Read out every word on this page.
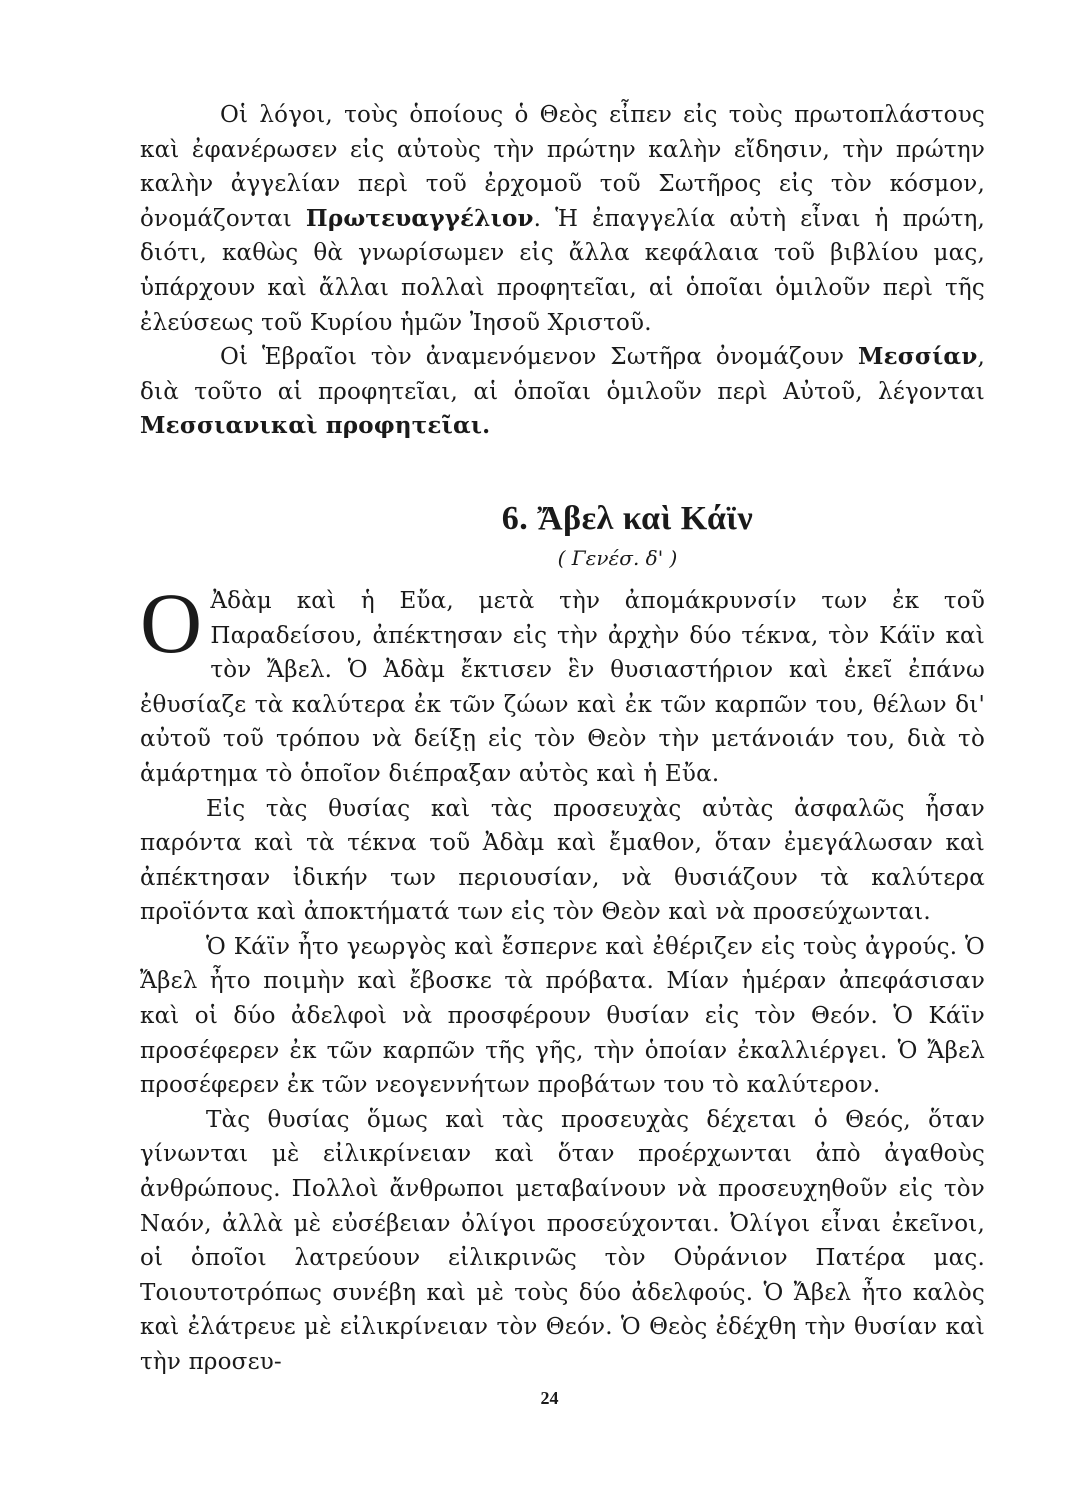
Οἱ λόγοι, τοὺς ὁποίους ὁ Θεὸς εἶπεν εἰς τοὺς πρωτοπλάστους καὶ ἐφανέρωσεν εἰς αὐτοὺς τὴν πρώτην καλὴν εἴδησιν, τὴν πρώτην καλὴν ἀγγελίαν περὶ τοῦ ἐρχομοῦ τοῦ Σωτῆρος εἰς τὸν κόσμον, ὀνομάζονται Πρωτευαγγέλιον. Ἡ ἐπαγγελία αὐτὴ εἶναι ἡ πρώτη, διότι, καθὼς θὰ γνωρίσωμεν εἰς ἄλλα κεφάλαια τοῦ βιβλίου μας, ὑπάρχουν καὶ ἄλλαι πολλαὶ προφητεῖαι, αἱ ὁποῖαι ὁμιλοῦν περὶ τῆς ἐλεύσεως τοῦ Κυρίου ἡμῶν Ἰησοῦ Χριστοῦ.

Οἱ Ἑβραῖοι τὸν ἀναμενόμενον Σωτῆρα ὀνομάζουν Μεσσίαν, διὰ τοῦτο αἱ προφητεῖαι, αἱ ὁποῖαι ὁμιλοῦν περὶ Αὐτοῦ, λέγονται Μεσσιανικαὶ προφητεῖαι.

6. Ἄβελ καὶ Κάϊν
( Γενέσ. δ' )

Ο Ἀδὰμ καὶ ἡ Εὔα, μετὰ τὴν ἀπομάκρυνσίν των ἐκ τοῦ Παραδείσου, ἀπέκτησαν εἰς τὴν ἀρχὴν δύο τέκνα, τὸν Κάϊν καὶ τὸν Ἄβελ. Ὁ Ἀδὰμ ἔκτισεν ἓν θυσιαστήριον καὶ ἐκεῖ ἐπάνω ἐθυσίαζε τὰ καλύτερα ἐκ τῶν ζώων καὶ ἐκ τῶν καρπῶν του, θέλων δι' αὐτοῦ τοῦ τρόπου νὰ δείξῃ εἰς τὸν Θεὸν τὴν μετάνοιάν του, διὰ τὸ ἁμάρτημα τὸ ὁποῖον διέπραξαν αὐτὸς καὶ ἡ Εὔα.

Εἰς τὰς θυσίας καὶ τὰς προσευχὰς αὐτὰς ἀσφαλῶς ἦσαν παρόντα καὶ τὰ τέκνα τοῦ Ἀδὰμ καὶ ἔμαθον, ὅταν ἐμεγάλωσαν καὶ ἀπέκτησαν ἰδικήν των περιουσίαν, νὰ θυσιάζουν τὰ καλύτερα προϊόντα καὶ ἀποκτήματά των εἰς τὸν Θεὸν καὶ νὰ προσεύχωνται.

Ὁ Κάϊν ἦτο γεωργὸς καὶ ἔσπερνε καὶ ἐθέριζεν εἰς τοὺς ἀγρούς. Ὁ Ἄβελ ἦτο ποιμὴν καὶ ἔβοσκε τὰ πρόβατα. Μίαν ἡμέραν ἀπεφάσισαν καὶ οἱ δύο ἀδελφοὶ νὰ προσφέρουν θυσίαν εἰς τὸν Θεόν. Ὁ Κάϊν προσέφερεν ἐκ τῶν καρπῶν τῆς γῆς, τὴν ὁποίαν ἐκαλλιέργει. Ὁ Ἄβελ προσέφερεν ἐκ τῶν νεογεννήτων προβάτων του τὸ καλύτερον.

Τὰς θυσίας ὅμως καὶ τὰς προσευχὰς δέχεται ὁ Θεός, ὅταν γίνωνται μὲ εἰλικρίνειαν καὶ ὅταν προέρχωνται ἀπὸ ἀγαθοὺς ἀνθρώπους. Πολλοὶ ἄνθρωποι μεταβαίνουν νὰ προσευχηθοῦν εἰς τὸν Ναόν, ἀλλὰ μὲ εὐσέβειαν ὀλίγοι προσεύχονται. Ὀλίγοι εἶναι ἐκεῖνοι, οἱ ὁποῖοι λατρεύουν εἰλικρινῶς τὸν Οὐράνιον Πατέρα μας. Τοιουτοτρόπως συνέβη καὶ μὲ τοὺς δύο ἀδελφούς. Ὁ Ἄβελ ἦτο καλὸς καὶ ἐλάτρευε μὲ εἰλικρίνειαν τὸν Θεόν. Ὁ Θεὸς ἐδέχθη τὴν θυσίαν καὶ τὴν προσευ-

24
